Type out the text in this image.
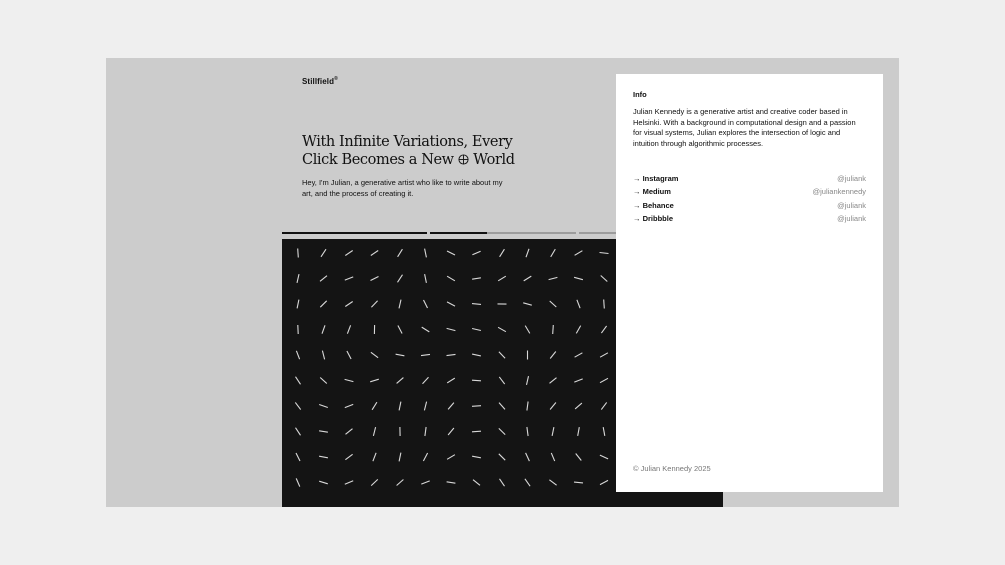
Stillfield®
With Infinite Variations, Every
Click Becomes a New World
Hey, I'm Julian, a generative artist who like to write about my art, and the process of creating it.
Info
Julian Kennedy is a generative artist and creative coder based in Helsinki. With a background in computational design and a passion for visual systems, Julian explores the intersection of logic and intuition through algorithmic processes.
→ Instagram	@juliank
→ Medium	@juliankennedy
→ Behance	@juliank
→ Dribbble	@juliank
© Julian Kennedy 2025
